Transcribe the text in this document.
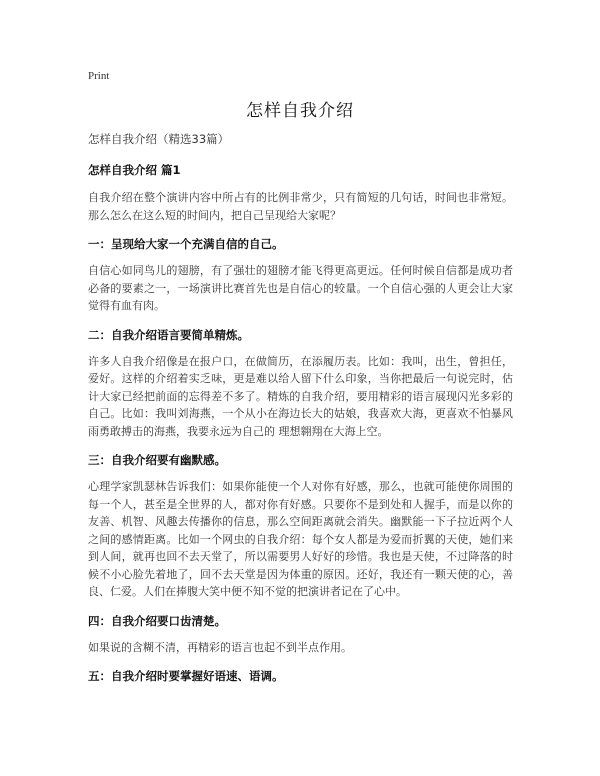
Print
怎样自我介绍
怎样自我介绍（精选33篇）
怎样自我介绍 篇1
自我介绍在整个演讲内容中所占有的比例非常少，只有简短的几句话，时间也非常短。那么怎么在这么短的时间内，把自己呈现给大家呢？
一：呈现给大家一个充满自信的自己。
自信心如同鸟儿的翅膀，有了强壮的翅膀才能飞得更高更远。任何时候自信都是成功者必备的要素之一，一场演讲比赛首先也是自信心的较量。一个自信心强的人更会让大家觉得有血有肉。
二：自我介绍语言要简单精炼。
许多人自我介绍像是在报户口，在做简历，在添履历表。比如：我叫，出生，曾担任，爱好。这样的介绍着实乏味，更是难以给人留下什么印象，当你把最后一句说完时，估计大家已经把前面的忘得差不多了。精炼的自我介绍，要用精彩的语言展现闪光多彩的自己。比如：我叫刘海燕，一个从小在海边长大的姑娘，我喜欢大海，更喜欢不怕暴风雨勇敢搏击的海燕，我要永远为自己的 理想翱翔在大海上空。
三：自我介绍要有幽默感。
心理学家凯瑟林告诉我们：如果你能使一个人对你有好感，那么，也就可能使你周围的每一个人，甚至是全世界的人，都对你有好感。只要你不是到处和人握手，而是以你的友善、机智、风趣去传播你的信息，那么空间距离就会消失。幽默能一下子拉近两个人之间的感情距离。比如一个网虫的自我介绍：每个女人都是为爱而折翼的天使，她们来到人间，就再也回不去天堂了，所以需要男人好好的珍惜。我也是天使，不过降落的时候不小心脸先着地了，回不去天堂是因为体重的原因。还好，我还有一颗天使的心，善良、仁爱。人们在捧腹大笑中便不知不觉的把演讲者记在了心中。
四：自我介绍要口齿清楚。
如果说的含糊不清，再精彩的语言也起不到半点作用。
五：自我介绍时要掌握好语速、语调。
